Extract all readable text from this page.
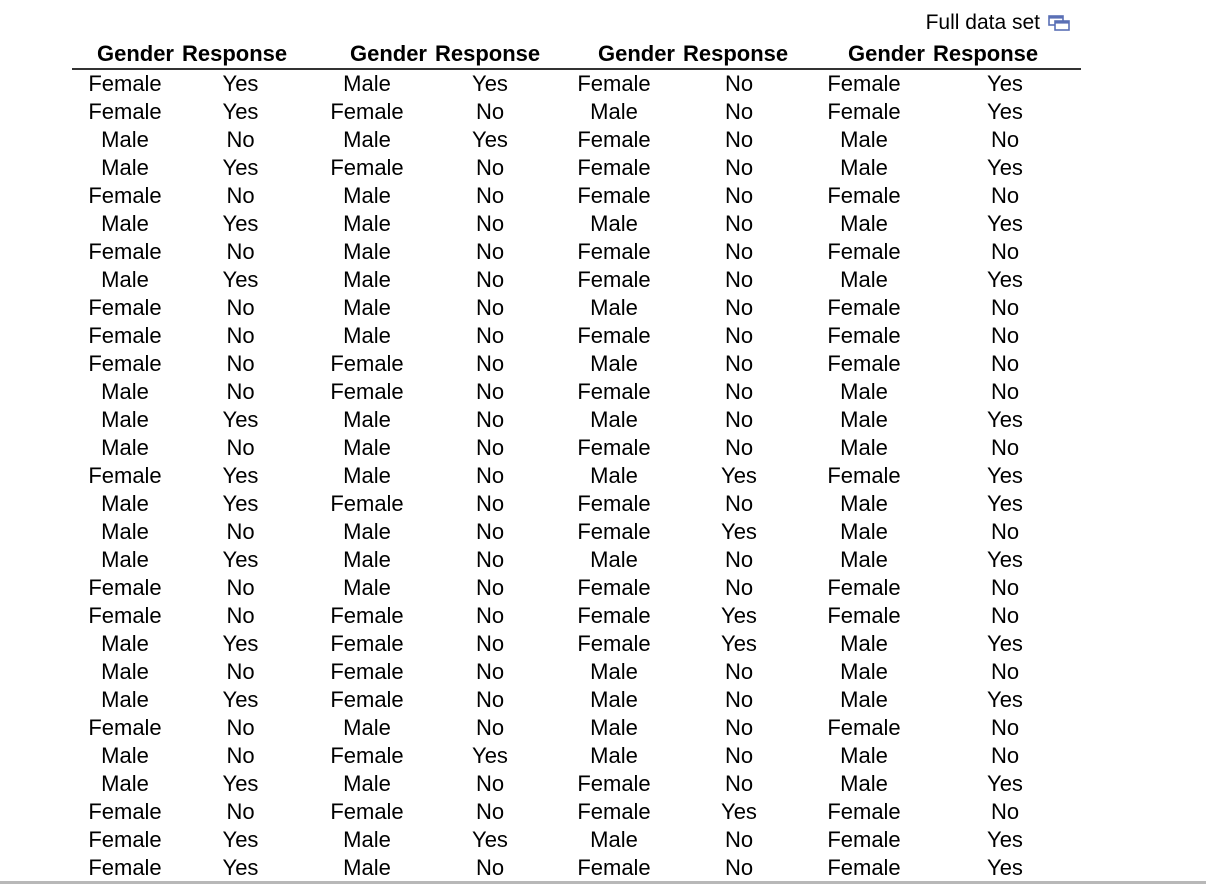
Full data set
Gender	Response	Gender	Response	Gender	Response	Gender	Response
Female	Yes	Male	Yes	Female	No	Female	Yes
Female	Yes	Female	No	Male	No	Female	Yes
Male	No	Male	Yes	Female	No	Male	No
Male	Yes	Female	No	Female	No	Male	Yes
Female	No	Male	No	Female	No	Female	No
Male	Yes	Male	No	Male	No	Male	Yes
Female	No	Male	No	Female	No	Female	No
Male	Yes	Male	No	Female	No	Male	Yes
Female	No	Male	No	Male	No	Female	No
Female	No	Male	No	Female	No	Female	No
Female	No	Female	No	Male	No	Female	No
Male	No	Female	No	Female	No	Male	No
Male	Yes	Male	No	Male	No	Male	Yes
Male	No	Male	No	Female	No	Male	No
Female	Yes	Male	No	Male	Yes	Female	Yes
Male	Yes	Female	No	Female	No	Male	Yes
Male	No	Male	No	Female	Yes	Male	No
Male	Yes	Male	No	Male	No	Male	Yes
Female	No	Male	No	Female	No	Female	No
Female	No	Female	No	Female	Yes	Female	No
Male	Yes	Female	No	Female	Yes	Male	Yes
Male	No	Female	No	Male	No	Male	No
Male	Yes	Female	No	Male	No	Male	Yes
Female	No	Male	No	Male	No	Female	No
Male	No	Female	Yes	Male	No	Male	No
Male	Yes	Male	No	Female	No	Male	Yes
Female	No	Female	No	Female	Yes	Female	No
Female	Yes	Male	Yes	Male	No	Female	Yes
Female	Yes	Male	No	Female	No	Female	Yes
